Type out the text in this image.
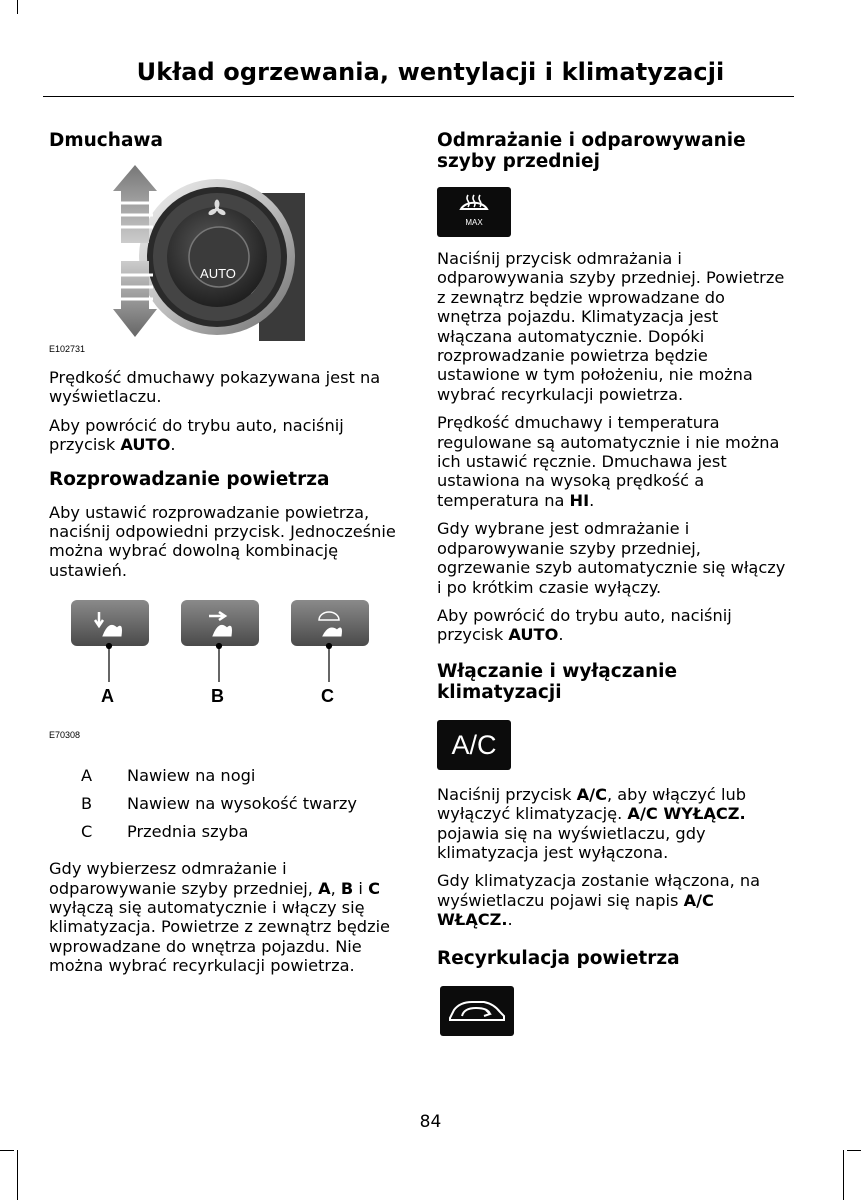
Układ ogrzewania, wentylacji i klimatyzacji
Dmuchawa
AUTO
E102731

Prędkość dmuchawy pokazywana jest na wyświetlaczu.

Aby powrócić do trybu auto, naciśnij przycisk AUTO.

Rozprowadzanie powietrza

Aby ustawić rozprowadzanie powietrza, naciśnij odpowiedni przycisk. Jednocześnie można wybrać dowolną kombinację ustawień.

A	B	C
E70308
A	Nawiew na nogi
B	Nawiew na wysokość twarzy
C	Przednia szyba

Gdy wybierzesz odmrażanie i odparowywanie szyby przedniej, A, B i C wyłączą się automatycznie i włączy się klimatyzacja. Powietrze z zewnątrz będzie wprowadzane do wnętrza pojazdu. Nie można wybrać recyrkulacji powietrza.

Odmrażanie i odparowywanie szyby przedniej
MAX

Naciśnij przycisk odmrażania i odparowywania szyby przedniej. Powietrze z zewnątrz będzie wprowadzane do wnętrza pojazdu. Klimatyzacja jest włączana automatycznie. Dopóki rozprowadzanie powietrza będzie ustawione w tym położeniu, nie można wybrać recyrkulacji powietrza.

Prędkość dmuchawy i temperatura regulowane są automatycznie i nie można ich ustawić ręcznie. Dmuchawa jest ustawiona na wysoką prędkość a temperatura na HI.

Gdy wybrane jest odmrażanie i odparowywanie szyby przedniej, ogrzewanie szyb automatycznie się włączy i po krótkim czasie wyłączy.

Aby powrócić do trybu auto, naciśnij przycisk AUTO.

Włączanie i wyłączanie klimatyzacji
A/C

Naciśnij przycisk A/C, aby włączyć lub wyłączyć klimatyzację. A/C WYŁĄCZ. pojawia się na wyświetlaczu, gdy klimatyzacja jest wyłączona.

Gdy klimatyzacja zostanie włączona, na wyświetlaczu pojawi się napis A/C WŁĄCZ..

Recyrkulacja powietrza
84
